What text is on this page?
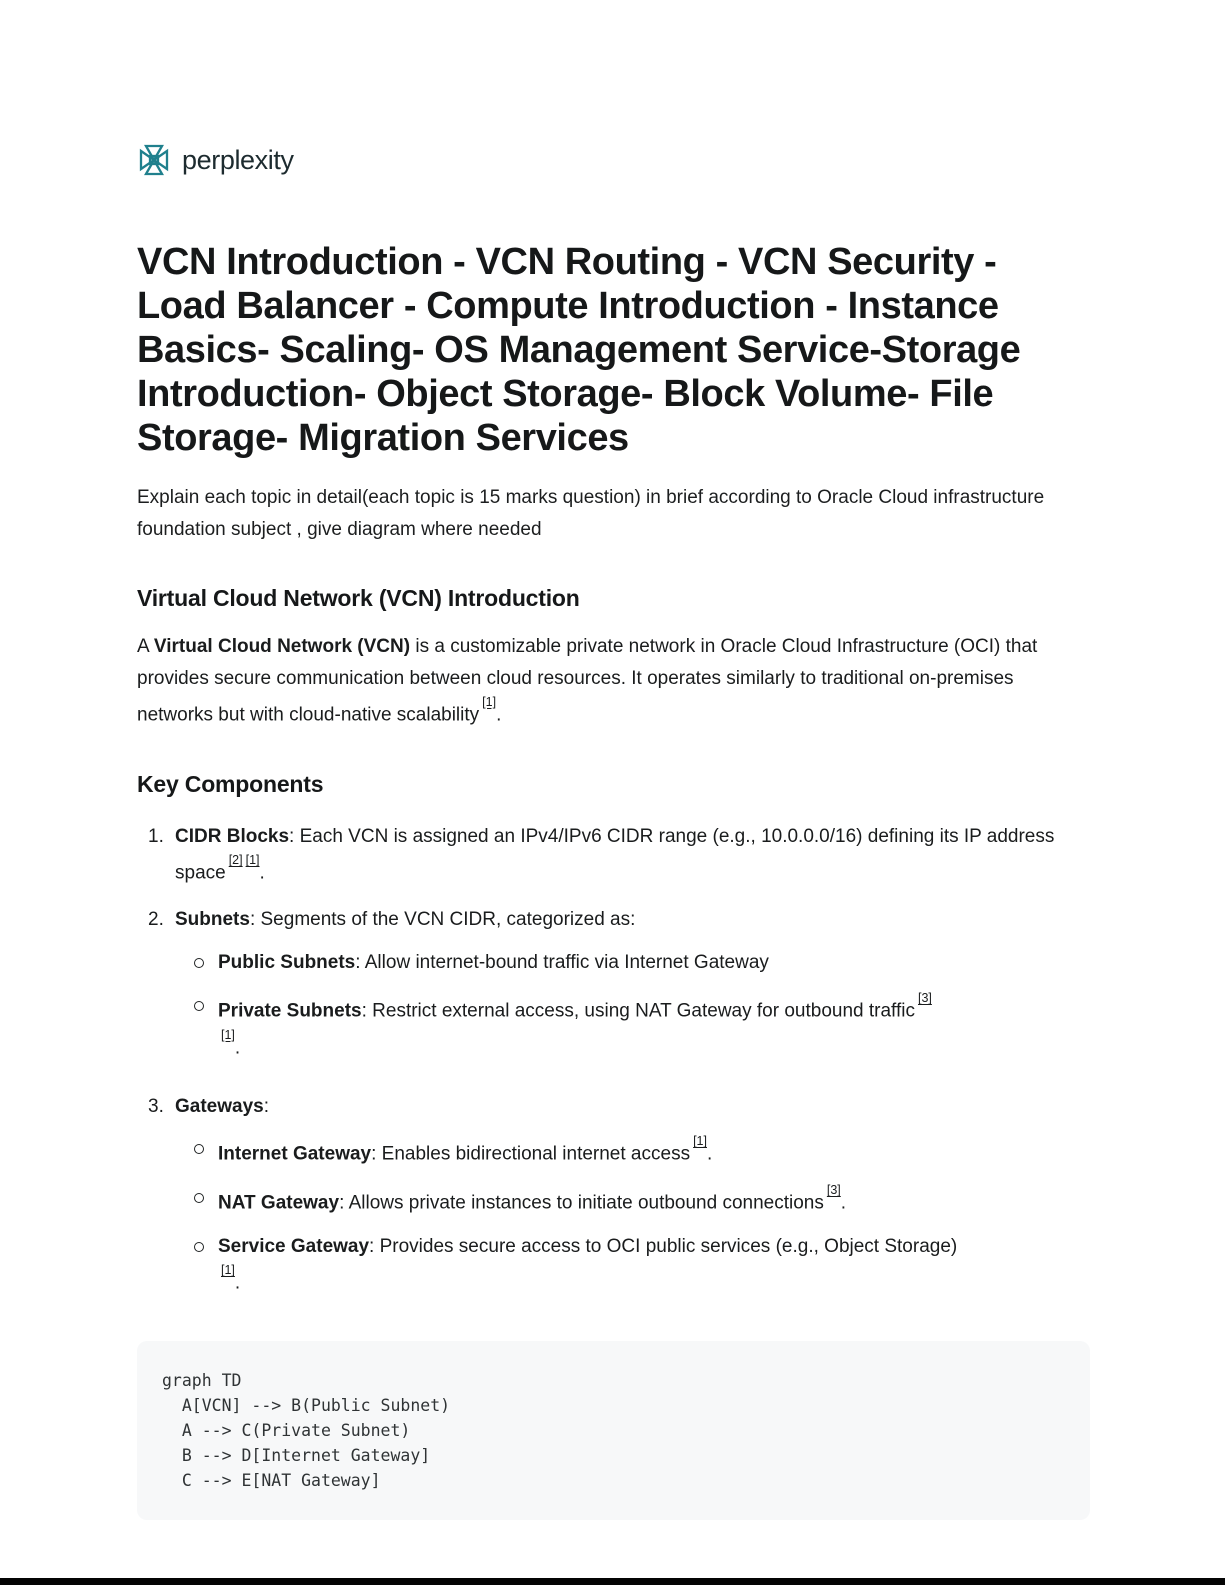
perplexity
VCN Introduction - VCN Routing - VCN Security - Load Balancer - Compute Introduction - Instance Basics- Scaling- OS Management Service-Storage Introduction- Object Storage- Block Volume- File Storage- Migration Services

Explain each topic in detail(each topic is 15 marks question) in brief according to Oracle Cloud infrastructure foundation subject , give diagram where needed

Virtual Cloud Network (VCN) Introduction

A Virtual Cloud Network (VCN) is a customizable private network in Oracle Cloud Infrastructure (OCI) that provides secure communication between cloud resources. It operates similarly to traditional on-premises networks but with cloud-native scalability[1].

Key Components
1. CIDR Blocks: Each VCN is assigned an IPv4/IPv6 CIDR range (e.g., 10.0.0.0/16) defining its IP address space[2] [1].
2. Subnets: Segments of the VCN CIDR, categorized as:
Public Subnets: Allow internet-bound traffic via Internet Gateway
Private Subnets: Restrict external access, using NAT Gateway for outbound traffic[3]
[1].
3. Gateways:
Internet Gateway: Enables bidirectional internet access[1].
NAT Gateway: Allows private instances to initiate outbound connections[3].
Service Gateway: Provides secure access to OCI public services (e.g., Object Storage)
[1].
graph TD
A[VCN] --> B(Public Subnet)
A --> C(Private Subnet)
B --> D[Internet Gateway]
C --> E[NAT Gateway]
